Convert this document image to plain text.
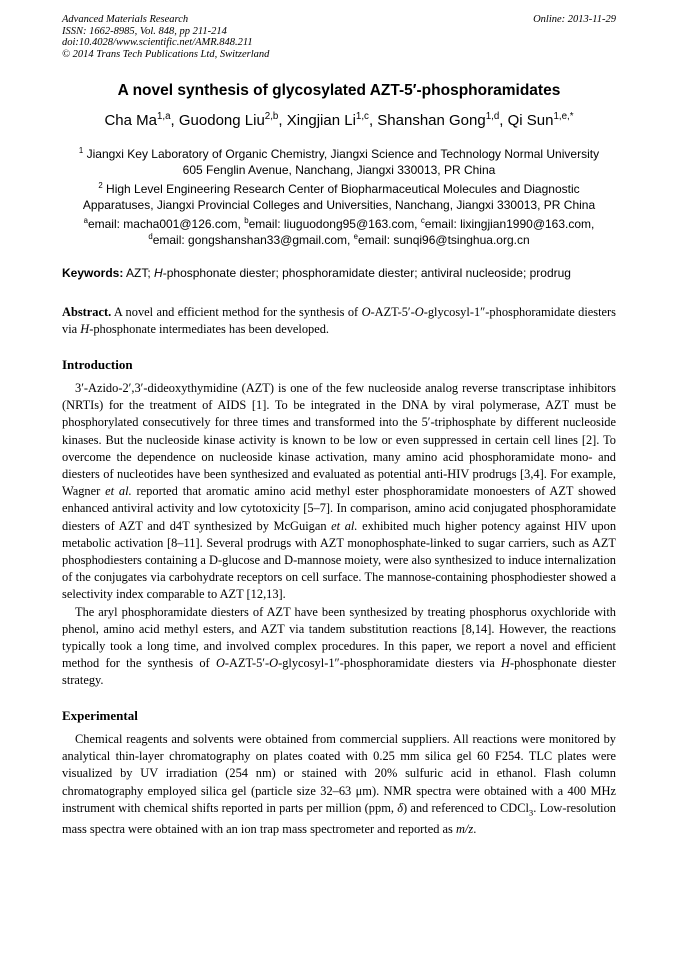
Advanced Materials Research
ISSN: 1662-8985, Vol. 848, pp 211-214
doi:10.4028/www.scientific.net/AMR.848.211
© 2014 Trans Tech Publications Ltd, Switzerland
Online: 2013-11-29
A novel synthesis of glycosylated AZT-5′-phosphoramidates
Cha Ma$^{1,a}$, Guodong Liu$^{2,b}$, Xingjian Li$^{1,c}$, Shanshan Gong$^{1,d}$, Qi Sun$^{1,e,*}$
$^1$ Jiangxi Key Laboratory of Organic Chemistry, Jiangxi Science and Technology Normal University
605 Fenglin Avenue, Nanchang, Jiangxi 330013, PR China
$^2$ High Level Engineering Research Center of Biopharmaceutical Molecules and Diagnostic
Apparatuses, Jiangxi Provincial Colleges and Universities, Nanchang, Jiangxi 330013, PR China
$^a$email: macha001@126.com, $^b$email: liuguodong95@163.com, $^c$email: lixingjian1990@163.com,
$^d$email: gongshanshan33@gmail.com, $^e$email: sunqi96@tsinghua.org.cn
Keywords: AZT; H-phosphonate diester; phosphoramidate diester; antiviral nucleoside; prodrug

Abstract. A novel and efficient method for the synthesis of O-AZT-5′-O-glycosyl-1″-phosphoramidate diesters via H-phosphonate intermediates has been developed.

Introduction

3′-Azido-2′,3′-dideoxythymidine (AZT) is one of the few nucleoside analog reverse transcriptase inhibitors (NRTIs) for the treatment of AIDS [1]. To be integrated in the DNA by viral polymerase, AZT must be phosphorylated consecutively for three times and transformed into the 5′-triphosphate by different nucleoside kinases. But the nucleoside kinase activity is known to be low or even suppressed in certain cell lines [2]. To overcome the dependence on nucleoside kinase activation, many amino acid phosphoramidate mono- and diesters of nucleotides have been synthesized and evaluated as potential anti-HIV prodrugs [3,4]. For example, Wagner et al. reported that aromatic amino acid methyl ester phosphoramidate monoesters of AZT showed enhanced antiviral activity and low cytotoxicity [5–7]. In comparison, amino acid conjugated phosphoramidate diesters of AZT and d4T synthesized by McGuigan et al. exhibited much higher potency against HIV upon metabolic activation [8–11]. Several prodrugs with AZT monophosphate-linked to sugar carriers, such as AZT phosphodiesters containing a D-glucose and D-mannose moiety, were also synthesized to induce internalization of the conjugates via carbohydrate receptors on cell surface. The mannose-containing phosphodiester showed a selectivity index comparable to AZT [12,13].

The aryl phosphoramidate diesters of AZT have been synthesized by treating phosphorus oxychloride with phenol, amino acid methyl esters, and AZT via tandem substitution reactions [8,14]. However, the reactions typically took a long time, and involved complex procedures. In this paper, we report a novel and efficient method for the synthesis of O-AZT-5′-O-glycosyl-1″-phosphoramidate diesters via H-phosphonate diester strategy.

Experimental

Chemical reagents and solvents were obtained from commercial suppliers. All reactions were monitored by analytical thin-layer chromatography on plates coated with 0.25 mm silica gel 60 F254. TLC plates were visualized by UV irradiation (254 nm) or stained with 20% sulfuric acid in ethanol. Flash column chromatography employed silica gel (particle size 32–63 μm). NMR spectra were obtained with a 400 MHz instrument with chemical shifts reported in parts per million (ppm, δ) and referenced to CDCl$_3$. Low-resolution mass spectra were obtained with an ion trap mass spectrometer and reported as m/z.
